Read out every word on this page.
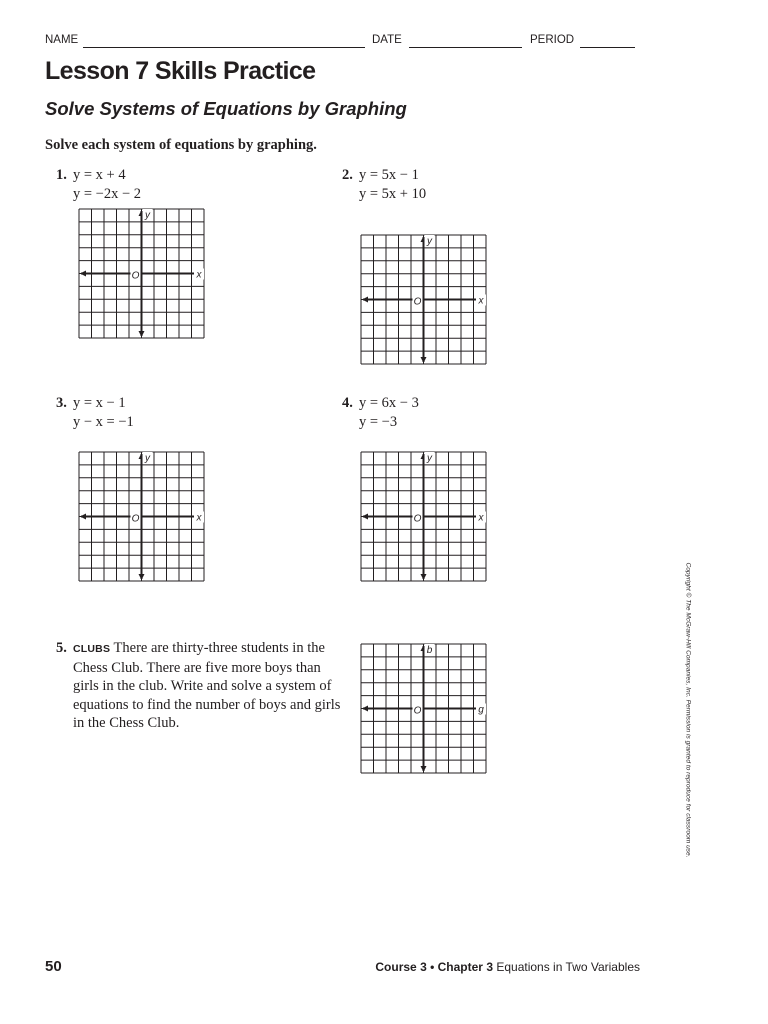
NAME	DATE	PERIOD
Lesson 7 Skills Practice
Solve Systems of Equations by Graphing
Solve each system of equations by graphing.
1. y = x + 4
y = −2x − 2
2. y = 5x − 1
y = 5x + 10
3. y = x − 1
y − x = −1
4. y = 6x − 3
y = −3
5. CLUBS There are thirty-three students in the Chess Club. There are five more boys than girls in the club. Write and solve a system of equations to find the number of boys and girls in the Chess Club.
y
x
O
y
x
O
y
x
O
y
x
O
b
g
O	Copyright © The McGraw-Hill Companies, Inc. Permission is granted to reproduce for classroom use.
50	Course 3 • Chapter 3 Equations in Two Variables
